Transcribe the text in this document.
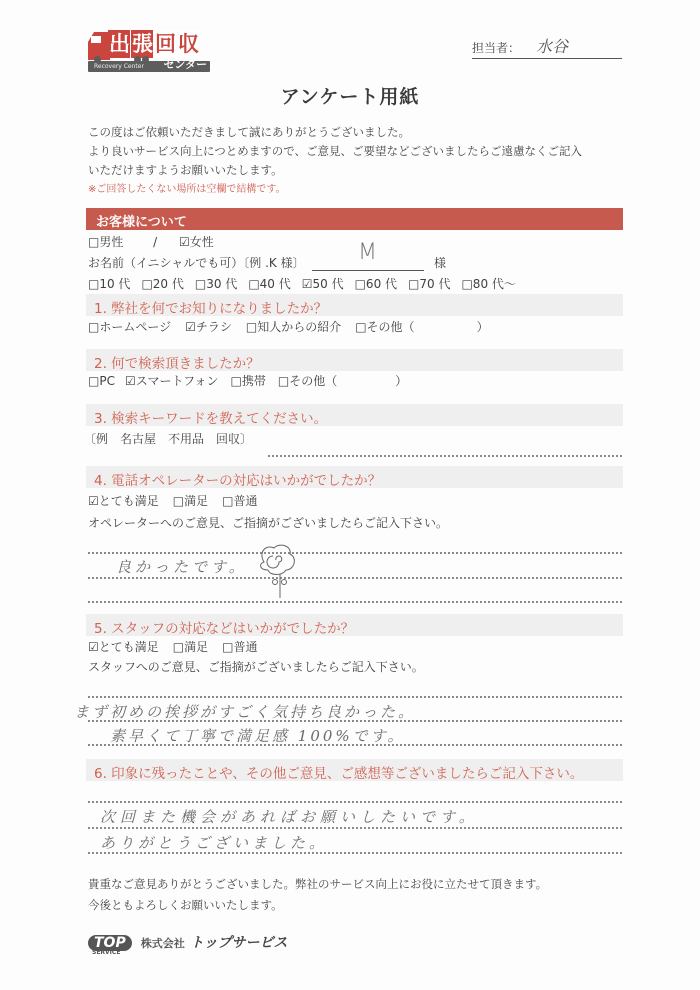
出 張 回 収
Recovery Center センター
担当者： 水谷
アンケート用紙
この度はご依頼いただきまして誠にありがとうございました。
より良いサービス向上につとめますので、ご意見、ご要望などございましたらご遠慮なくご記入
いただけますようお願いいたします。
※ご回答したくない場所は空欄で結構です。
お客様について
□男性 / ☑女性
お名前（イニシャルでも可）〔例 .K 様〕 M	様
□10 代 □20 代 □30 代 □40 代 ☑50 代 □60 代 □70 代 □80 代〜
1. 弊社を何でお知りになりましたか？
□ホームページ ☑チラシ □知人からの紹介 □その他（	）
2. 何で検索頂きましたか？
□PC ☑スマートフォン □携帯 □その他（	）
3. 検索キーワードを教えてください。
〔例　名古屋　不用品　回収〕
4. 電話オペレーターの対応はいかがでしたか？
☑とても満足 □満足 □普通
オペレーターへのご意見、ご指摘がございましたらご記入下さい。
良かったです。
5. スタッフの対応などはいかがでしたか？
☑とても満足 □満足 □普通
スタッフへのご意見、ご指摘がございましたらご記入下さい。
まず初めの挨拶がすごく気持ち良かった。
素早くて丁寧で満足感 100%です。
6. 印象に残ったことや、その他ご意見、ご感想等ございましたらご記入下さい。
次回また機会があればお願いしたいです。
ありがとうございました。
貴重なご意見ありがとうございました。弊社のサービス向上にお役に立たせて頂きます。
今後ともよろしくお願いいたします。
TOP 株式会社 トップサービス
SERVICE
